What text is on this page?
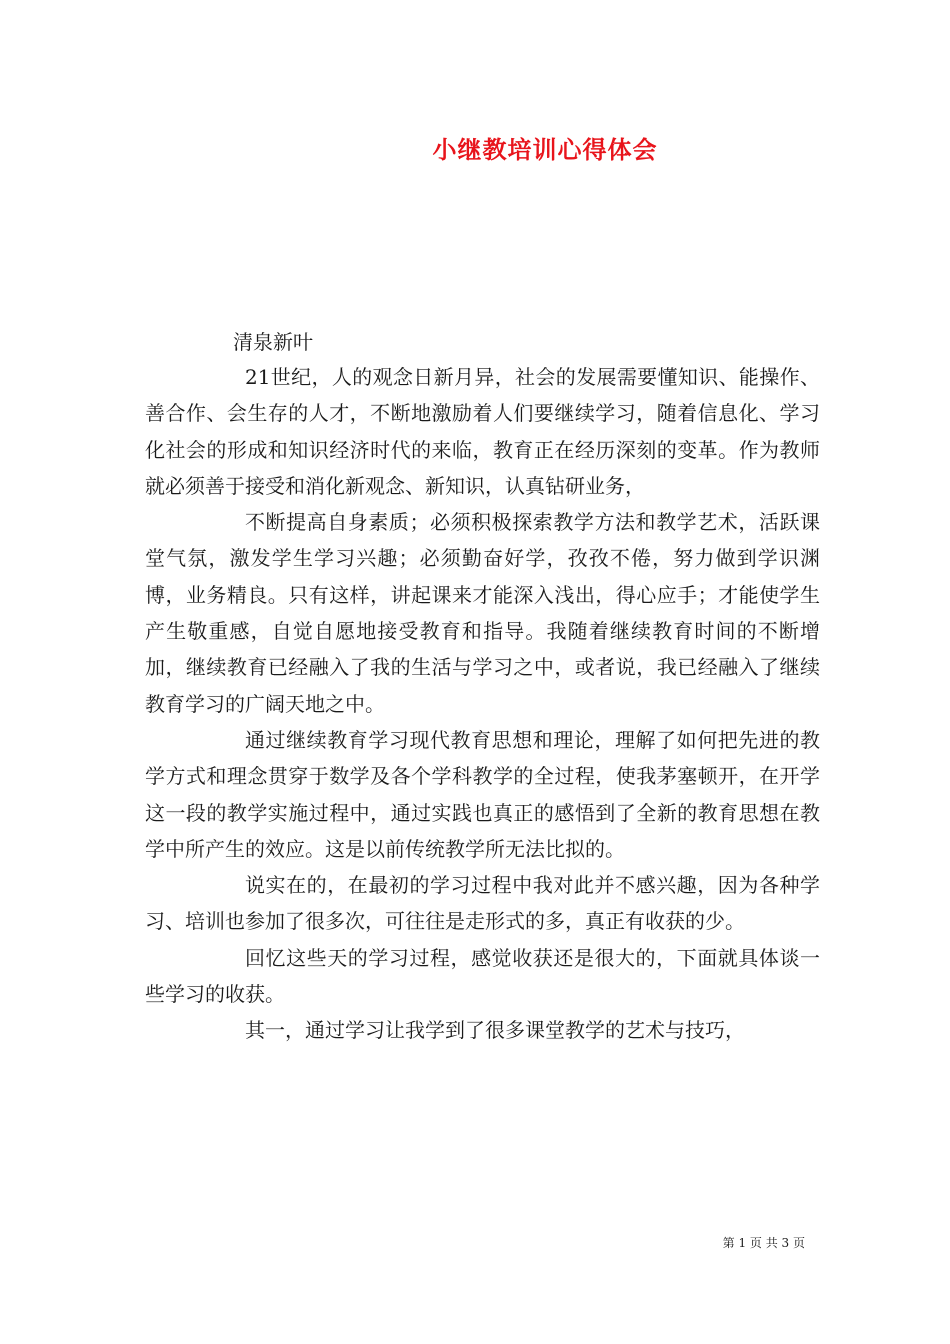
小继教培训心得体会
清泉新叶

21世纪，人的观念日新月异，社会的发展需要懂知识、能操作、善合作、会生存的人才，不断地激励着人们要继续学习，随着信息化、学习化社会的形成和知识经济时代的来临，教育正在经历深刻的变革。作为教师就必须善于接受和消化新观念、新知识，认真钻研业务，

不断提高自身素质；必须积极探索教学方法和教学艺术，活跃课堂气氛，激发学生学习兴趣；必须勤奋好学，孜孜不倦，努力做到学识渊博，业务精良。只有这样，讲起课来才能深入浅出，得心应手；才能使学生产生敬重感，自觉自愿地接受教育和指导。我随着继续教育时间的不断增加，继续教育已经融入了我的生活与学习之中，或者说，我已经融入了继续教育学习的广阔天地之中。

通过继续教育学习现代教育思想和理论，理解了如何把先进的教学方式和理念贯穿于数学及各个学科教学的全过程，使我茅塞顿开，在开学这一段的教学实施过程中，通过实践也真正的感悟到了全新的教育思想在教学中所产生的效应。这是以前传统教学所无法比拟的。

说实在的，在最初的学习过程中我对此并不感兴趣，因为各种学习、培训也参加了很多次，可往往是走形式的多，真正有收获的少。

回忆这些天的学习过程，感觉收获还是很大的，下面就具体谈一些学习的收获。

其一，通过学习让我学到了很多课堂教学的艺术与技巧，

第 1 页 共 3 页
